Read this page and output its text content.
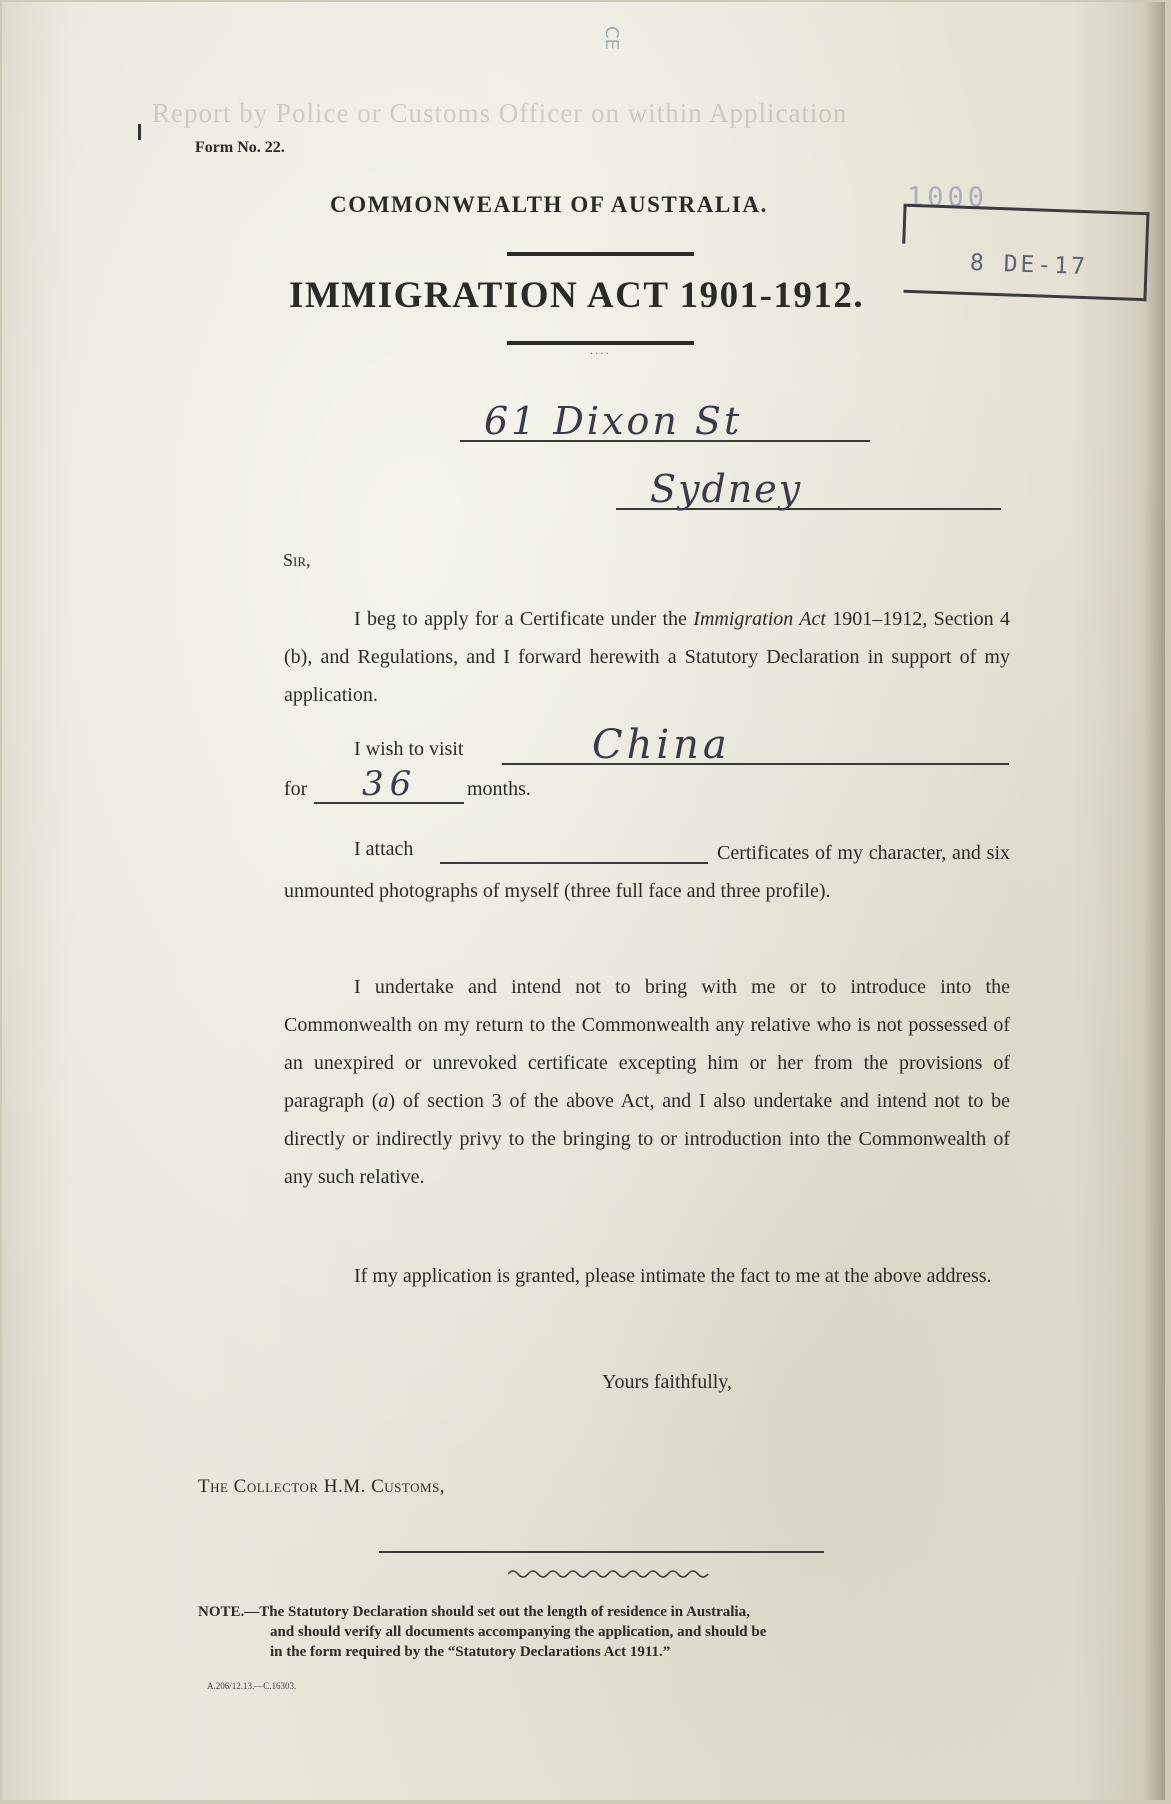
Report by Police or Customs Officer on within Application
CE
Form No. 22.
COMMONWEALTH OF AUSTRALIA.
IMMIGRATION ACT 1901-1912.
....
1000
8 DE-17
61 Dixon St
Sydney
Sir,
I beg to apply for a Certificate under the Immigration Act 1901–1912, Section 4 (b), and Regulations, and I forward herewith a Statutory Declaration in support of my application.
I wish to visit	China
for 36 months.
I attach	Certificates of my character, and six unmounted photographs of myself (three full face and three profile).
I undertake and intend not to bring with me or to introduce into the Commonwealth on my return to the Commonwealth any relative who is not possessed of an unexpired or unrevoked certificate excepting him or her from the provisions of paragraph (a) of section 3 of the above Act, and I also undertake and intend not to be directly or indirectly privy to the bringing to or introduction into the Commonwealth of any such relative.
If my application is granted, please intimate the fact to me at the above address.
Yours faithfully,
The Collector H.M. Customs,
NOTE.—The Statutory Declaration should set out the length of residence in Australia,
and should verify all documents accompanying the application, and should be
in the form required by the “Statutory Declarations Act 1911.”
A.206/12.13.—C.16303.
